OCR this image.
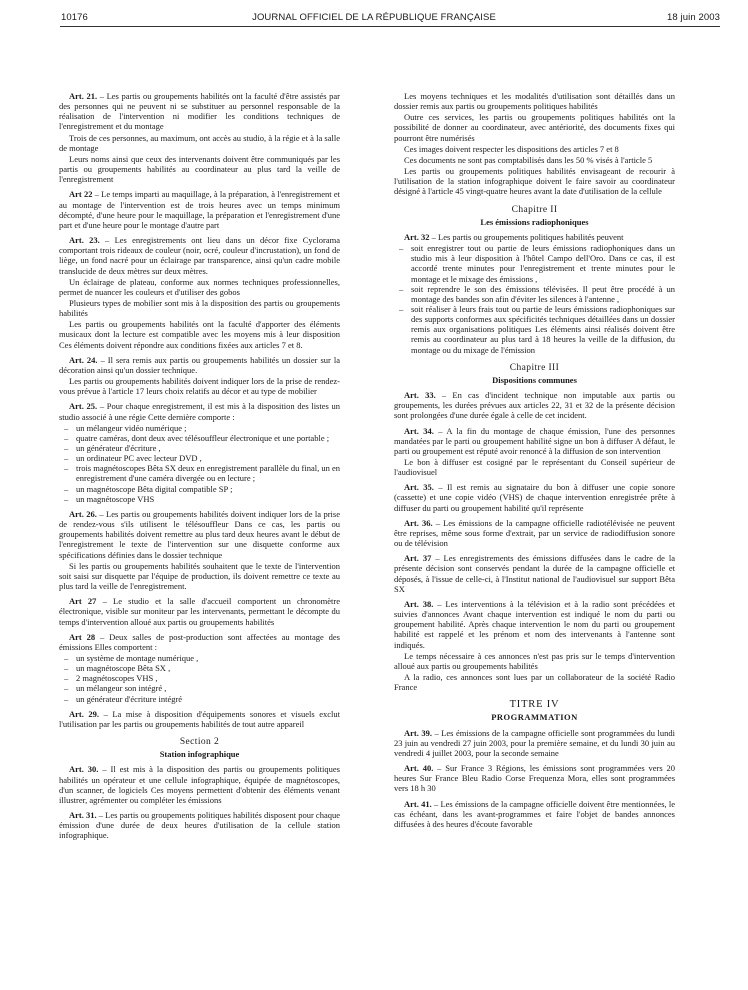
10176	JOURNAL OFFICIEL DE LA RÉPUBLIQUE FRANÇAISE	18 juin 2003

Art. 21. – Les partis ou groupements habilités ont la faculté d'être assistés par des personnes qui ne peuvent ni se substituer au personnel responsable de la réalisation de l'intervention ni modifier les conditions techniques de l'enregistrement et du montage

Trois de ces personnes, au maximum, ont accès au studio, à la régie et à la salle de montage

Leurs noms ainsi que ceux des intervenants doivent être communiqués par les partis ou groupements habilités au coordinateur au plus tard la veille de l'enregistrement

Art 22 – Le temps imparti au maquillage, à la préparation, à l'enregistrement et au montage de l'intervention est de trois heures avec un temps minimum décompté, d'une heure pour le maquillage, la préparation et l'enregistrement d'une part et d'une heure pour le montage d'autre part

Art. 23. – Les enregistrements ont lieu dans un décor fixe Cyclorama comportant trois rideaux de couleur (noir, ocré, couleur d'incrustation), un fond de liège, un fond nacré pour un éclairage par transparence, ainsi qu'un cadre mobile translucide de deux mètres sur deux mètres.

Un éclairage de plateau, conforme aux normes techniques professionnelles, permet de nuancer les couleurs et d'utiliser des gobos

Plusieurs types de mobilier sont mis à la disposition des partis ou groupements habilités

Les partis ou groupements habilités ont la faculté d'apporter des éléments musicaux dont la lecture est compatible avec les moyens mis à leur disposition Ces éléments doivent répondre aux conditions fixées aux articles 7 et 8.

Art. 24. – Il sera remis aux partis ou groupements habilités un dossier sur la décoration ainsi qu'un dossier technique.

Les partis ou groupements habilités doivent indiquer lors de la prise de rendez-vous prévue à l'article 17 leurs choix relatifs au décor et au type de mobilier

Art. 25. – Pour chaque enregistrement, il est mis à la disposition des listes un studio associé à une régie Cette dernière comporte :

– un mélangeur vidéo numérique ;
– quatre caméras, dont deux avec télésouffleur électronique et une portable ;
– un générateur d'écriture ,
– un ordinateur PC avec lecteur DVD ,
– trois magnétoscopes Bêta SX deux en enregistrement parallèle du final, un en enregistrement d'une caméra divergée ou en lecture ;
– un magnétoscope Bêta digital compatible SP ;
– un magnétoscope VHS

Art. 26. – Les partis ou groupements habilités doivent indiquer lors de la prise de rendez-vous s'ils utilisent le télésouffleur Dans ce cas, les partis ou groupements habilités doivent remettre au plus tard deux heures avant le début de l'enregistrement le texte de l'intervention sur une disquette conforme aux spécifications définies dans le dossier technique

Si les partis ou groupements habilités souhaitent que le texte de l'intervention soit saisi sur disquette par l'équipe de production, ils doivent remettre ce texte au plus tard la veille de l'enregistrement.

Art 27 – Le studio et la salle d'accueil comportent un chronomètre électronique, visible sur moniteur par les intervenants, permettant le décompte du temps d'intervention alloué aux partis ou groupements habilités

Art 28 – Deux salles de post-production sont affectées au montage des émissions Elles comportent :

– un système de montage numérique ,
– un magnétoscope Bêta SX ,
– 2 magnétoscopes VHS ,
– un mélangeur son intégré ,
– un générateur d'écriture intégré

Art. 29. – La mise à disposition d'équipements sonores et visuels exclut l'utilisation par les partis ou groupements habilités de tout autre appareil

Section 2
Station infographique

Art. 30. – Il est mis à la disposition des partis ou groupements politiques habilités un opérateur et une cellule infographique, équipée de magnétoscopes, d'un scanner, de logiciels Ces moyens permettent d'obtenir des éléments venant illustrer, agrémenter ou compléter les émissions

Art. 31. – Les partis ou groupements politiques habilités disposent pour chaque émission d'une durée de deux heures d'utilisation de la cellule station infographique.

Les moyens techniques et les modalités d'utilisation sont détaillés dans un dossier remis aux partis ou groupements politiques habilités

Outre ces services, les partis ou groupements politiques habilités ont la possibilité de donner au coordinateur, avec antériorité, des documents fixes qui pourront être numérisés

Ces images doivent respecter les dispositions des articles 7 et 8

Ces documents ne sont pas comptabilisés dans les 50 % visés à l'article 5

Les partis ou groupements politiques habilités envisageant de recourir à l'utilisation de la station infographique doivent le faire savoir au coordinateur désigné à l'article 45 vingt-quatre heures avant la date d'utilisation de la cellule

Chapitre II
Les émissions radiophoniques

Art. 32 – Les partis ou groupements politiques habilités peuvent

– soit enregistrer tout ou partie de leurs émissions radiophoniques dans un studio mis à leur disposition à l'hôtel Campo dell'Oro. Dans ce cas, il est accordé trente minutes pour l'enregistrement et trente minutes pour le montage et le mixage des émissions ,
– soit reprendre le son des émissions télévisées. Il peut être procédé à un montage des bandes son afin d'éviter les silences à l'antenne ,
– soit réaliser à leurs frais tout ou partie de leurs émissions radiophoniques sur des supports conformes aux spécificités techniques détaillées dans un dossier remis aux organisations politiques Les éléments ainsi réalisés doivent être remis au coordinateur au plus tard à 18 heures la veille de la diffusion, du montage ou du mixage de l'émission
Chapitre III
Dispositions communes

Art. 33. – En cas d'incident technique non imputable aux partis ou groupements, les durées prévues aux articles 22, 31 et 32 de la présente décision sont prolongées d'une durée égale à celle de cet incident.

Art. 34. – A la fin du montage de chaque émission, l'une des personnes mandatées par le parti ou groupement habilité signe un bon à diffuser A défaut, le parti ou groupement est réputé avoir renoncé à la diffusion de son intervention

Le bon à diffuser est cosigné par le représentant du Conseil supérieur de l'audiovisuel

Art. 35. – Il est remis au signataire du bon à diffuser une copie sonore (cassette) et une copie vidéo (VHS) de chaque intervention enregistrée prête à diffuser du parti ou groupement habilité qu'il représente

Art. 36. – Les émissions de la campagne officielle radiotélévisée ne peuvent être reprises, même sous forme d'extrait, par un service de radiodiffusion sonore ou de télévision

Art. 37 – Les enregistrements des émissions diffusées dans le cadre de la présente décision sont conservés pendant la durée de la campagne officielle et déposés, à l'issue de celle-ci, à l'Institut national de l'audiovisuel sur support Bêta SX

Art. 38. – Les interventions à la télévision et à la radio sont précédées et suivies d'annonces Avant chaque intervention est indiqué le nom du parti ou groupement habilité. Après chaque intervention le nom du parti ou groupement habilité est rappelé et les prénom et nom des intervenants à l'antenne sont indiqués.

Le temps nécessaire à ces annonces n'est pas pris sur le temps d'intervention alloué aux partis ou groupements habilités

A la radio, ces annonces sont lues par un collaborateur de la société Radio France

TITRE IV
PROGRAMMATION

Art. 39. – Les émissions de la campagne officielle sont programmées du lundi 23 juin au vendredi 27 juin 2003, pour la première semaine, et du lundi 30 juin au vendredi 4 juillet 2003, pour la seconde semaine

Art. 40. – Sur France 3 Régions, les émissions sont programmées vers 20 heures Sur France Bleu Radio Corse Frequenza Mora, elles sont programmées vers 18 h 30

Art. 41. – Les émissions de la campagne officielle doivent être mentionnées, le cas échéant, dans les avant-programmes et faire l'objet de bandes annonces diffusées à des heures d'écoute favorable
